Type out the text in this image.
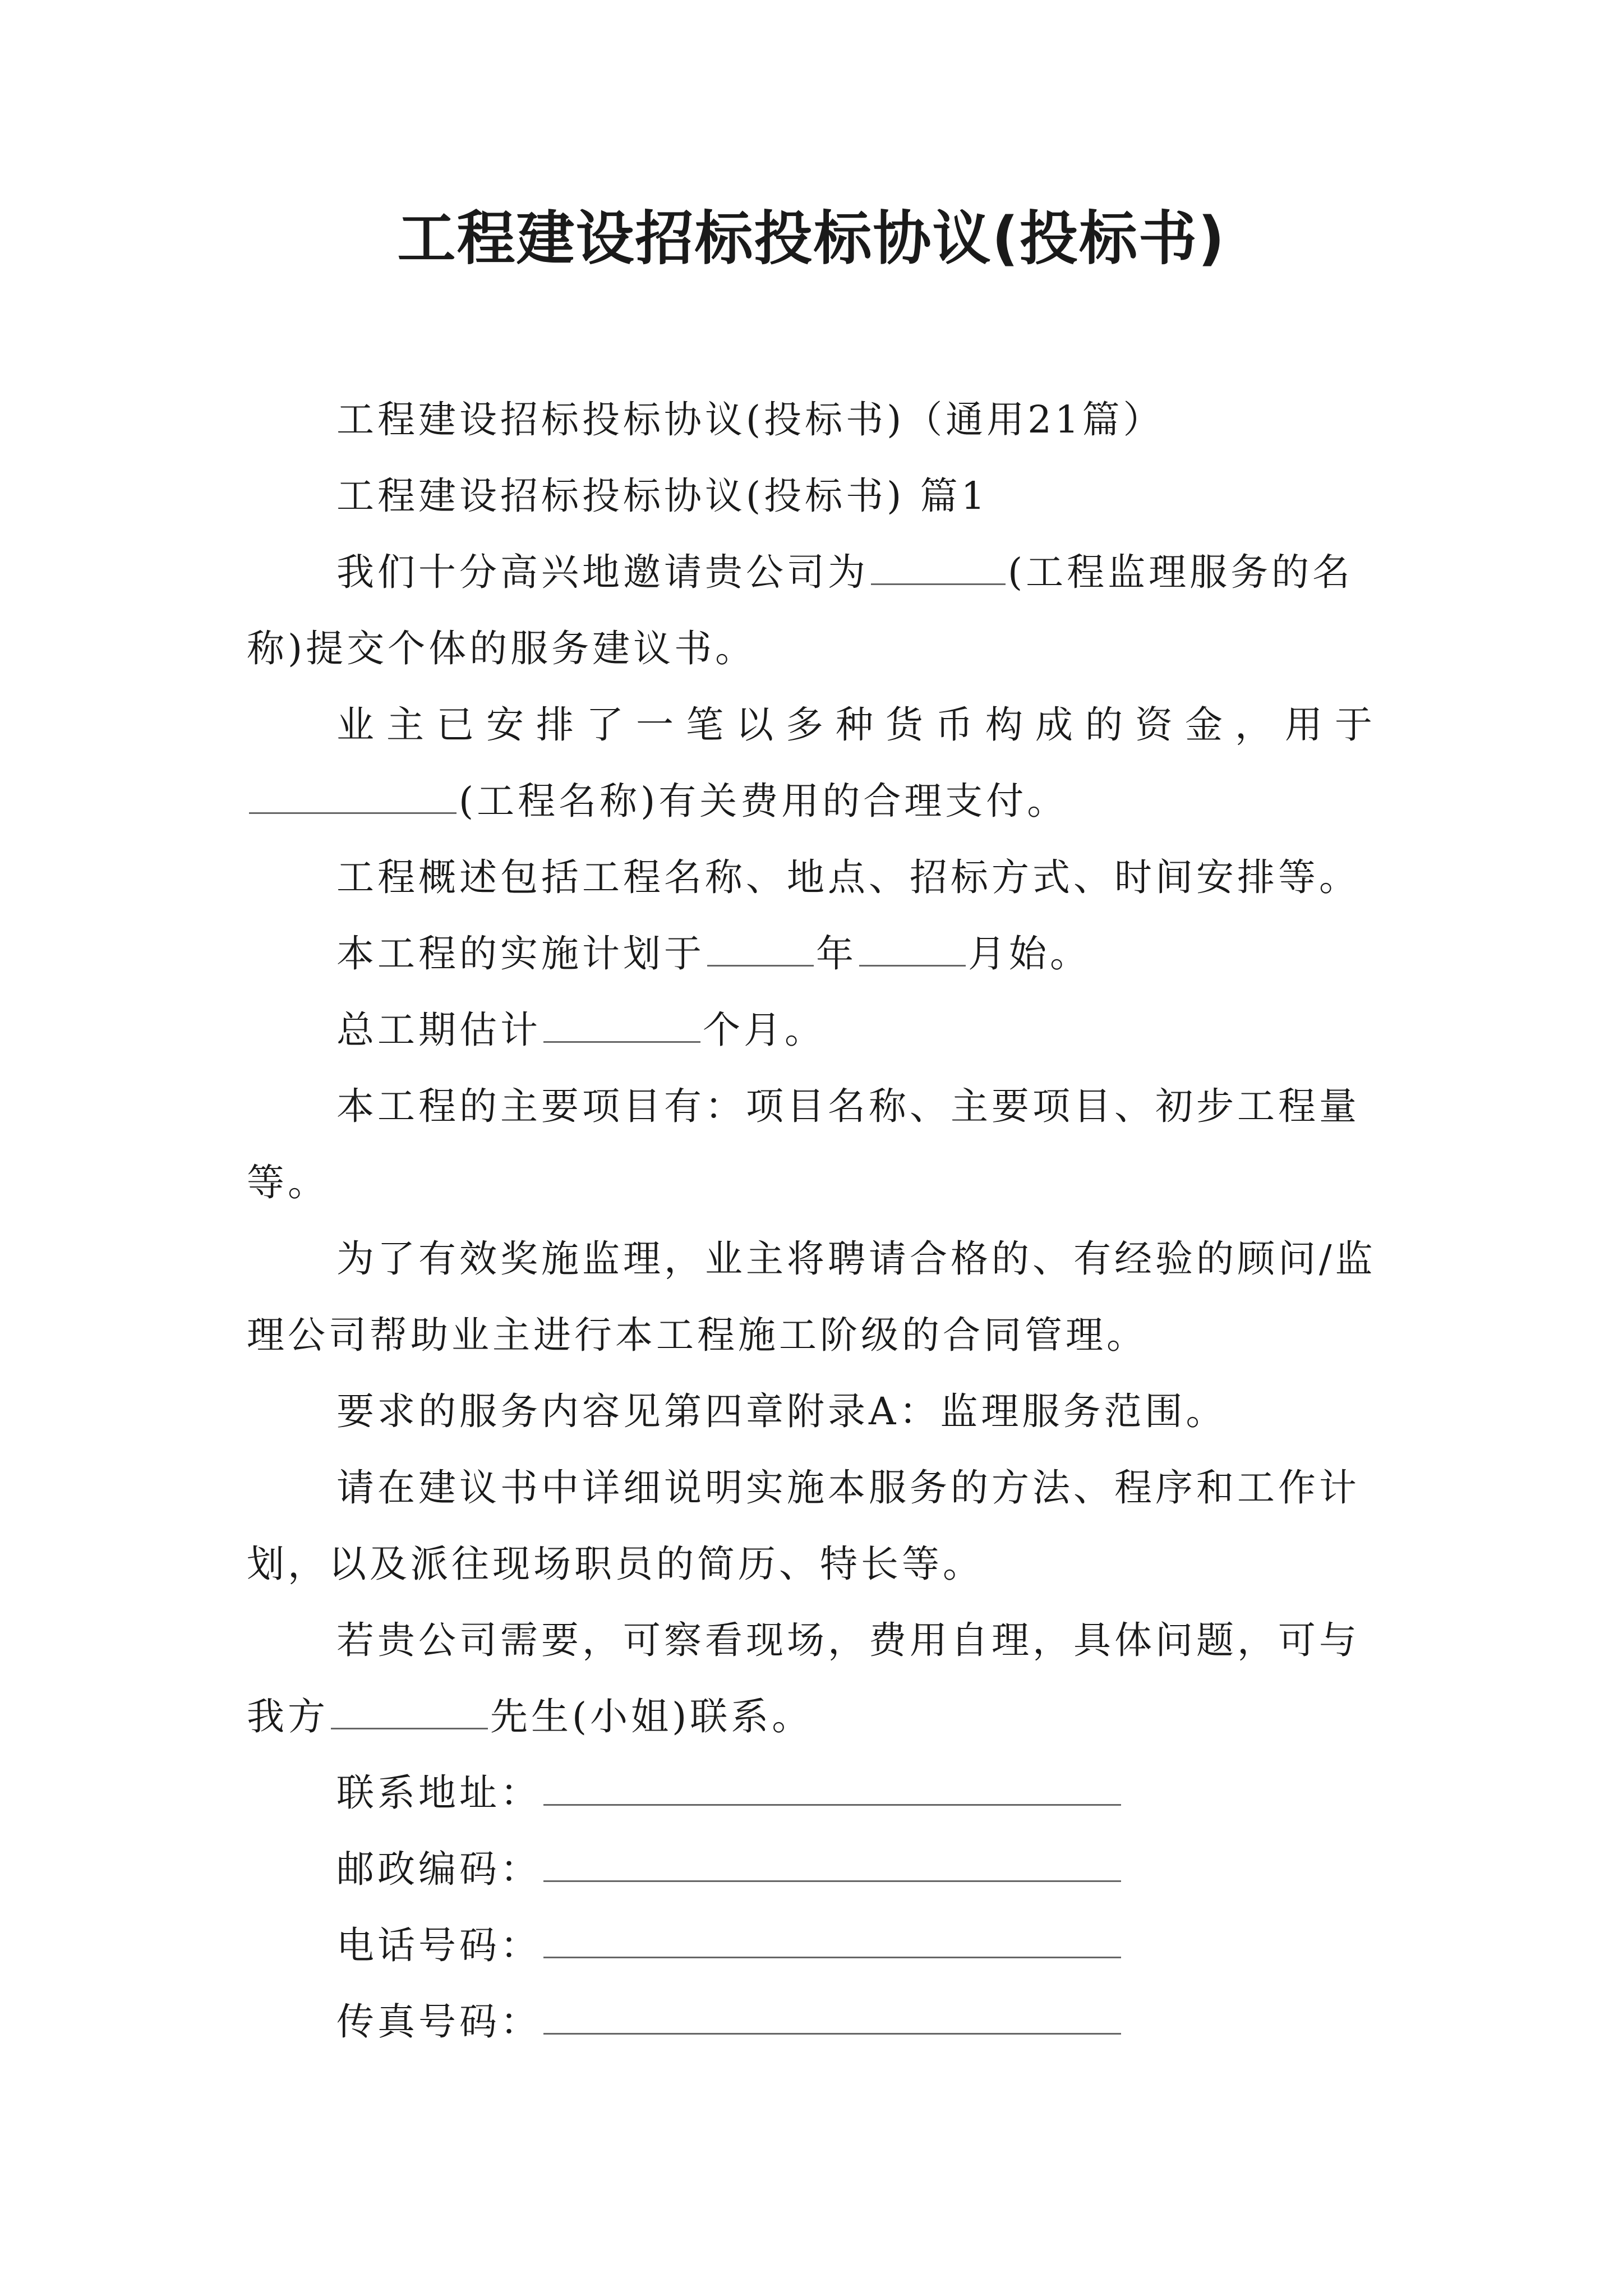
工程建设招标投标协议(投标书)

工程建设招标投标协议(投标书)（通用21篇）

工程建设招标投标协议(投标书) 篇1

我们十分高兴地邀请贵公司为	(工程监理服务的名称)提交个体的服务建议书。

业主已安排了一笔以多种货币构成的资金，用于(工程名称)有关费用的合理支付。

工程概述包括工程名称、地点、招标方式、时间安排等。

本工程的实施计划于	年	月始。

总工期估计	个月。

本工程的主要项目有：项目名称、主要项目、初步工程量等。

为了有效奖施监理，业主将聘请合格的、有经验的顾问/监理公司帮助业主进行本工程施工阶级的合同管理。

要求的服务内容见第四章附录A：监理服务范围。

请在建议书中详细说明实施本服务的方法、程序和工作计划，以及派往现场职员的简历、特长等。

若贵公司需要，可察看现场，费用自理，具体问题，可与我方	先生(小姐)联系。

联系地址：

邮政编码：

电话号码：

传真号码：
